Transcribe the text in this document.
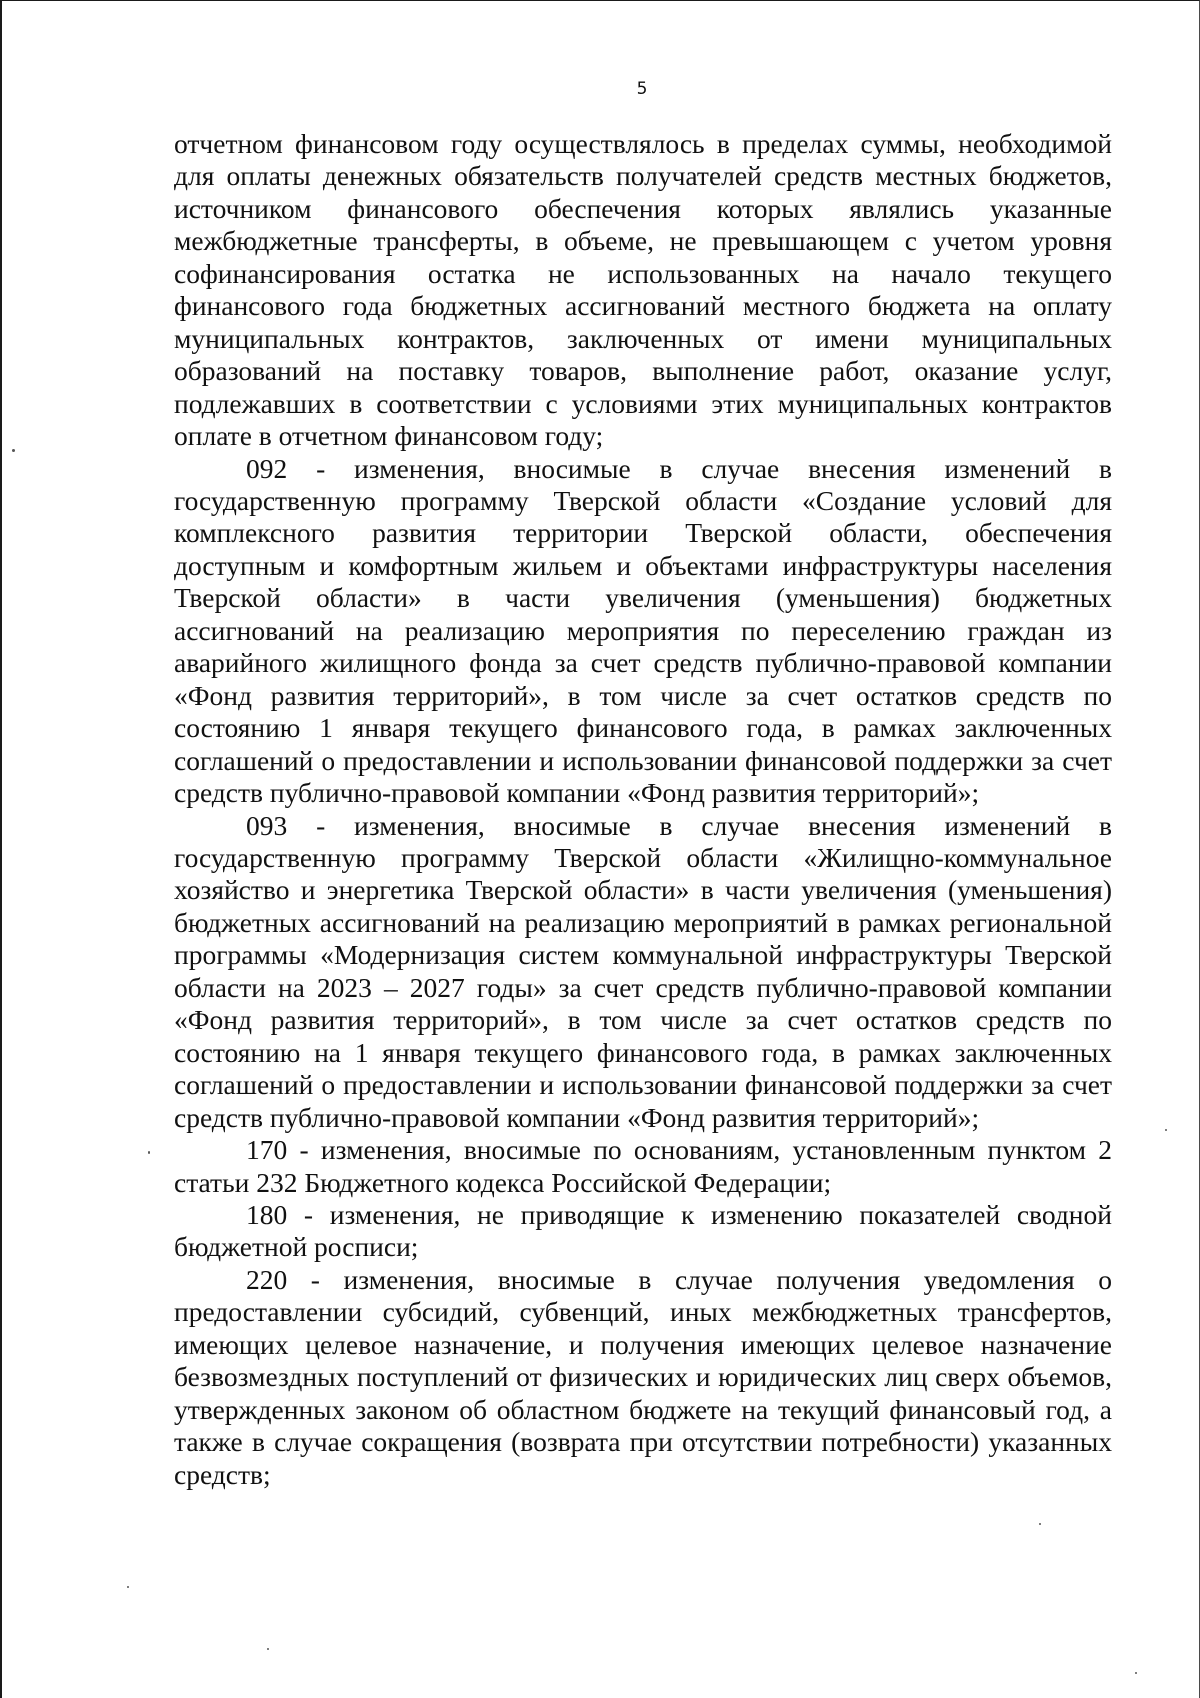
5
отчетном финансовом году осуществлялось в пределах суммы, необходимой
для оплаты денежных обязательств получателей средств местных бюджетов,
источником финансового обеспечения которых являлись указанные
межбюджетные трансферты, в объеме, не превышающем с учетом уровня
софинансирования остатка не использованных на начало текущего
финансового года бюджетных ассигнований местного бюджета на оплату
муниципальных контрактов, заключенных от имени муниципальных
образований на поставку товаров, выполнение работ, оказание услуг,
подлежавших в соответствии с условиями этих муниципальных контрактов
оплате в отчетном финансовом году;
092 - изменения, вносимые в случае внесения изменений в
государственную программу Тверской области «Создание условий для
комплексного развития территории Тверской области, обеспечения
доступным и комфортным жильем и объектами инфраструктуры населения
Тверской области» в части увеличения (уменьшения) бюджетных
ассигнований на реализацию мероприятия по переселению граждан из
аварийного жилищного фонда за счет средств публично-правовой компании
«Фонд развития территорий», в том числе за счет остатков средств по
состоянию 1 января текущего финансового года, в рамках заключенных
соглашений о предоставлении и использовании финансовой поддержки за счет
средств публично-правовой компании «Фонд развития территорий»;
093 - изменения, вносимые в случае внесения изменений в
государственную программу Тверской области «Жилищно-коммунальное
хозяйство и энергетика Тверской области» в части увеличения (уменьшения)
бюджетных ассигнований на реализацию мероприятий в рамках региональной
программы «Модернизация систем коммунальной инфраструктуры Тверской
области на 2023 – 2027 годы» за счет средств публично-правовой компании
«Фонд развития территорий», в том числе за счет остатков средств по
состоянию на 1 января текущего финансового года, в рамках заключенных
соглашений о предоставлении и использовании финансовой поддержки за счет
средств публично-правовой компании «Фонд развития территорий»;
170 - изменения, вносимые по основаниям, установленным пунктом 2
статьи 232 Бюджетного кодекса Российской Федерации;
180 - изменения, не приводящие к изменению показателей сводной
бюджетной росписи;
220 - изменения, вносимые в случае получения уведомления о
предоставлении субсидий, субвенций, иных межбюджетных трансфертов,
имеющих целевое назначение, и получения имеющих целевое назначение
безвозмездных поступлений от физических и юридических лиц сверх объемов,
утвержденных законом об областном бюджете на текущий финансовый год, а
также в случае сокращения (возврата при отсутствии потребности) указанных
средств;
